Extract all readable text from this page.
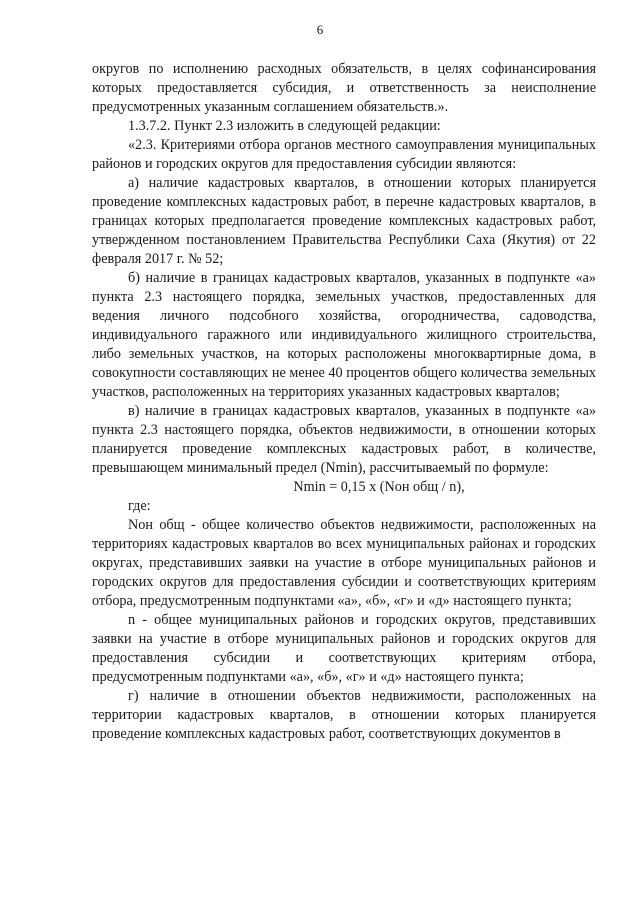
6

округов по исполнению расходных обязательств, в целях софинансирования которых предоставляется субсидия, и ответственность за неисполнение предусмотренных указанным соглашением обязательств.».

1.3.7.2. Пункт 2.3 изложить в следующей редакции:

«2.3. Критериями отбора органов местного самоуправления муниципальных районов и городских округов для предоставления субсидии являются:

а) наличие кадастровых кварталов, в отношении которых планируется проведение комплексных кадастровых работ, в перечне кадастровых кварталов, в границах которых предполагается проведение комплексных кадастровых работ, утвержденном постановлением Правительства Республики Саха (Якутия) от 22 февраля 2017 г. № 52;

б) наличие в границах кадастровых кварталов, указанных в подпункте «а» пункта 2.3 настоящего порядка, земельных участков, предоставленных для ведения личного подсобного хозяйства, огородничества, садоводства, индивидуального гаражного или индивидуального жилищного строительства, либо земельных участков, на которых расположены многоквартирные дома, в совокупности составляющих не менее 40 процентов общего количества земельных участков, расположенных на территориях указанных кадастровых кварталов;

в) наличие в границах кадастровых кварталов, указанных в подпункте «а» пункта 2.3 настоящего порядка, объектов недвижимости, в отношении которых планируется проведение комплексных кадастровых работ, в количестве, превышающем минимальный предел (Nmin), рассчитываемый по формуле:

Nmin = 0,15 x (Nон общ / n),

где:

Nон общ - общее количество объектов недвижимости, расположенных на территориях кадастровых кварталов во всех муниципальных районах и городских округах, представивших заявки на участие в отборе муниципальных районов и городских округов для предоставления субсидии и соответствующих критериям отбора, предусмотренным подпунктами «а», «б», «г» и «д» настоящего пункта;

n - общее муниципальных районов и городских округов, представивших заявки на участие в отборе муниципальных районов и городских округов для предоставления субсидии и соответствующих критериям отбора, предусмотренным подпунктами «а», «б», «г» и «д» настоящего пункта;

г) наличие в отношении объектов недвижимости, расположенных на территории кадастровых кварталов, в отношении которых планируется проведение комплексных кадастровых работ, соответствующих документов в
